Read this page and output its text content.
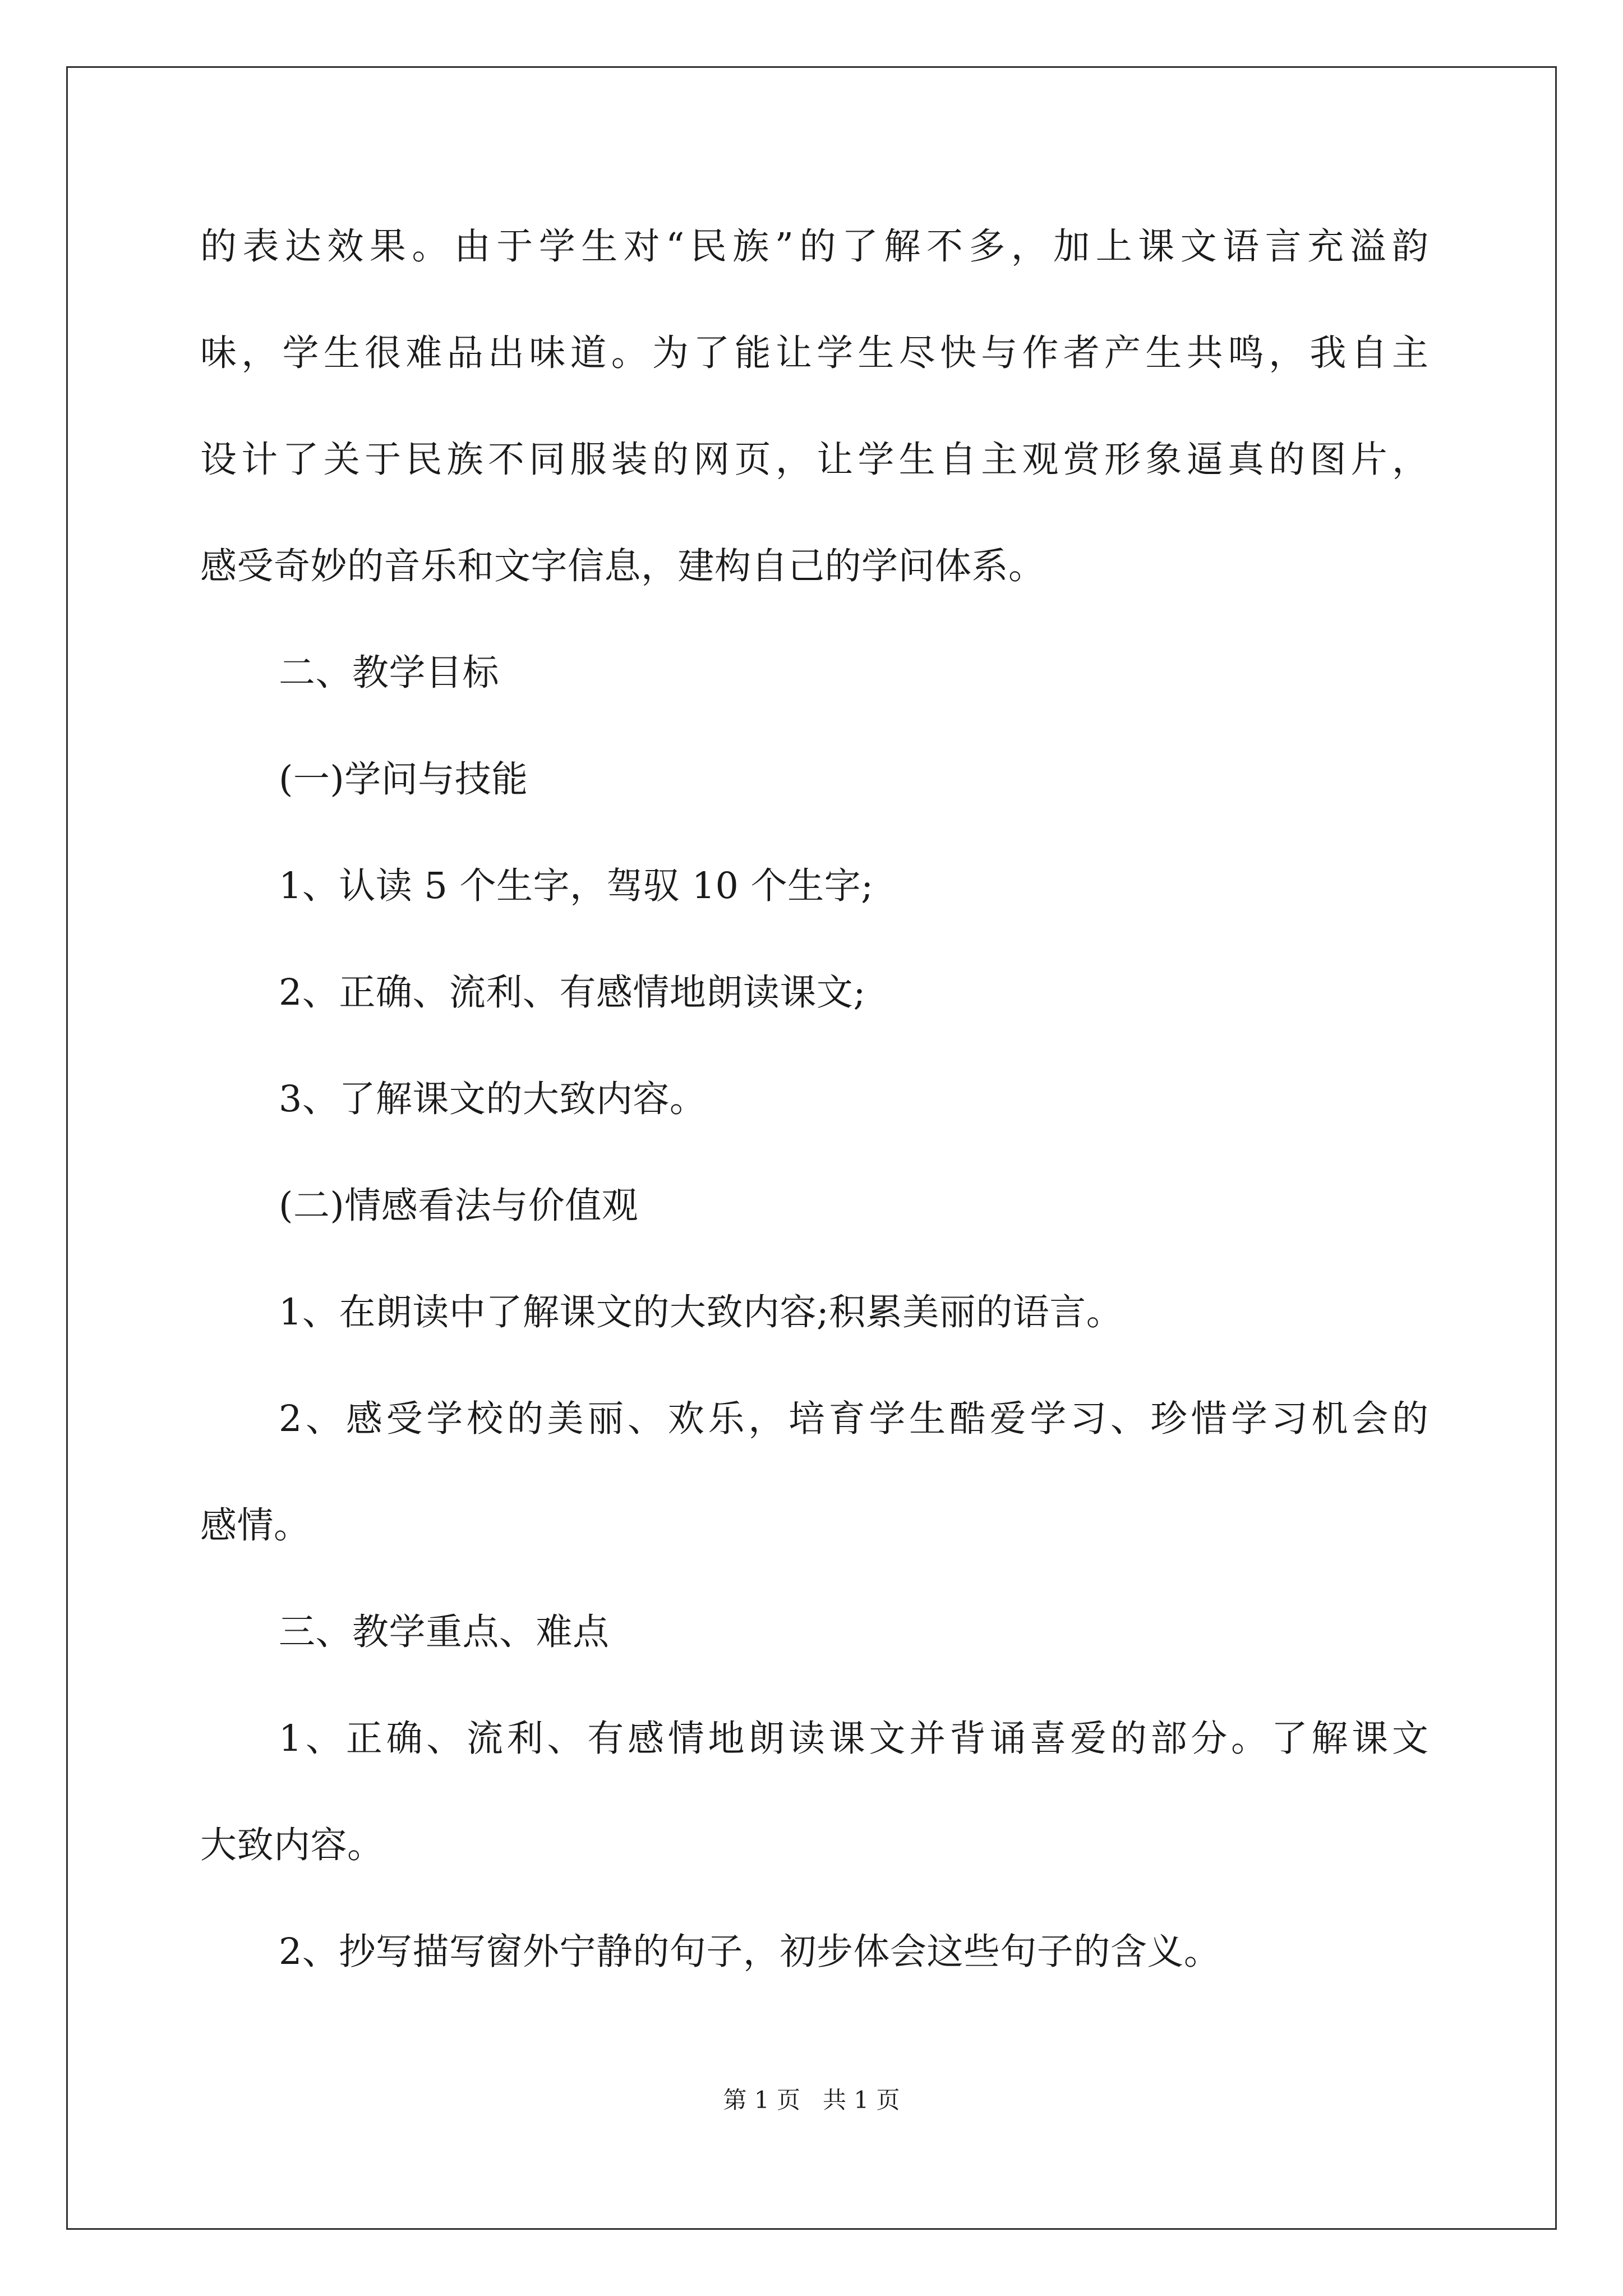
的表达效果。由于学生对“民族”的了解不多，加上课文语言充溢韵
味，学生很难品出味道。为了能让学生尽快与作者产生共鸣，我自主
设计了关于民族不同服装的网页，让学生自主观赏形象逼真的图片，
感受奇妙的音乐和文字信息，建构自己的学问体系。
二、教学目标
(一)学问与技能
1、认读 5 个生字，驾驭 10 个生字;
2、正确、流利、有感情地朗读课文;
3、了解课文的大致内容。
(二)情感看法与价值观
1、在朗读中了解课文的大致内容;积累美丽的语言。
2、感受学校的美丽、欢乐，培育学生酷爱学习、珍惜学习机会的
感情。
三、教学重点、难点
1、正确、流利、有感情地朗读课文并背诵喜爱的部分。了解课文
大致内容。
2、抄写描写窗外宁静的句子，初步体会这些句子的含义。
第 1 页   共 1 页
